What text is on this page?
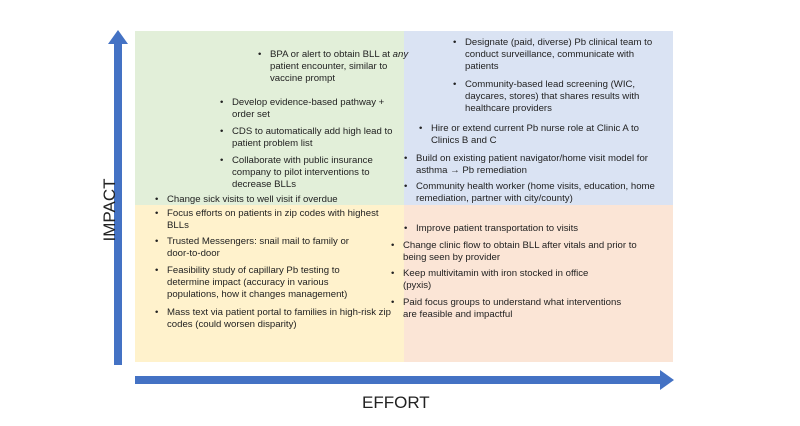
IMPACT
EFFORT
• BPA or alert to obtain BLL at any patient encounter, similar to vaccine prompt
• Develop evidence-based pathway + order set
• CDS to automatically add high lead to patient problem list
• Collaborate with public insurance company to pilot interventions to decrease BLLs
• Change sick visits to well visit if overdue
• Focus efforts on patients in zip codes with highest BLLs
• Trusted Messengers: snail mail to family or door-to-door
• Feasibility study of capillary Pb testing to determine impact (accuracy in various populations, how it changes management)
• Mass text via patient portal to families in high-risk zip codes (could worsen disparity)
• Designate (paid, diverse) Pb clinical team to conduct surveillance, communicate with patients
• Community-based lead screening (WIC, daycares, stores) that shares results with healthcare providers
• Hire or extend current Pb nurse role at Clinic A to Clinics B and C
• Build on existing patient navigator/home visit model for asthma → Pb remediation
• Community health worker (home visits, education, home remediation, partner with city/county)
• Improve patient transportation to visits
• Change clinic flow to obtain BLL after vitals and prior to being seen by provider
• Keep multivitamin with iron stocked in office (pyxis)
• Paid focus groups to understand what interventions are feasible and impactful
